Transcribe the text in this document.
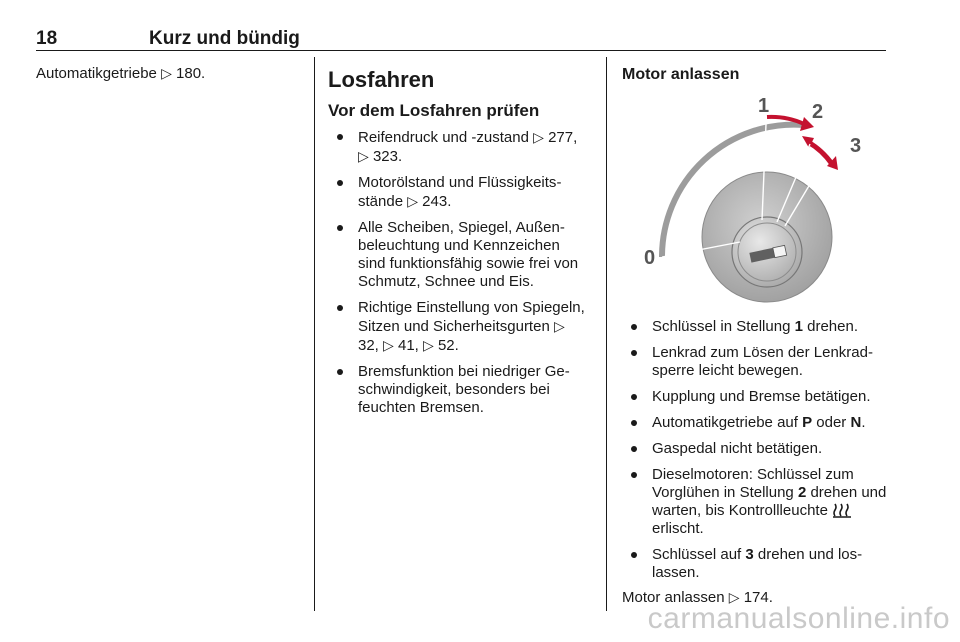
18	Kurz und bündig
Automatikgetriebe ▷ 180.	Losfahren
Vor dem Losfahren prüfen
Reifendruck und -zustand ▷ 277, ▷ 323.
Motorölstand und Flüssigkeitsstände ▷ 243.
Alle Scheiben, Spiegel, Außenbeleuchtung und Kennzeichen sind funktionsfähig sowie frei von Schmutz, Schnee und Eis.
Richtige Einstellung von Spiegeln, Sitzen und Sicherheitsgurten ▷ 32, ▷ 41, ▷ 52.
Bremsfunktion bei niedriger Geschwindigkeit, besonders bei feuchten Bremsen.
Motor anlassen
0
1 2
3
Schlüssel in Stellung 1 drehen.
Lenkrad zum Lösen der Lenkradsperre leicht bewegen.
Kupplung und Bremse betätigen.
Automatikgetriebe auf P oder N.
Gaspedal nicht betätigen.
Dieselmotoren: Schlüssel zum Vorglühen in Stellung 2 drehen und warten, bis Kontrollleuchte  erlischt.
Schlüssel auf 3 drehen und loslassen.
Motor anlassen ▷ 174.
carmanualsonline.info
